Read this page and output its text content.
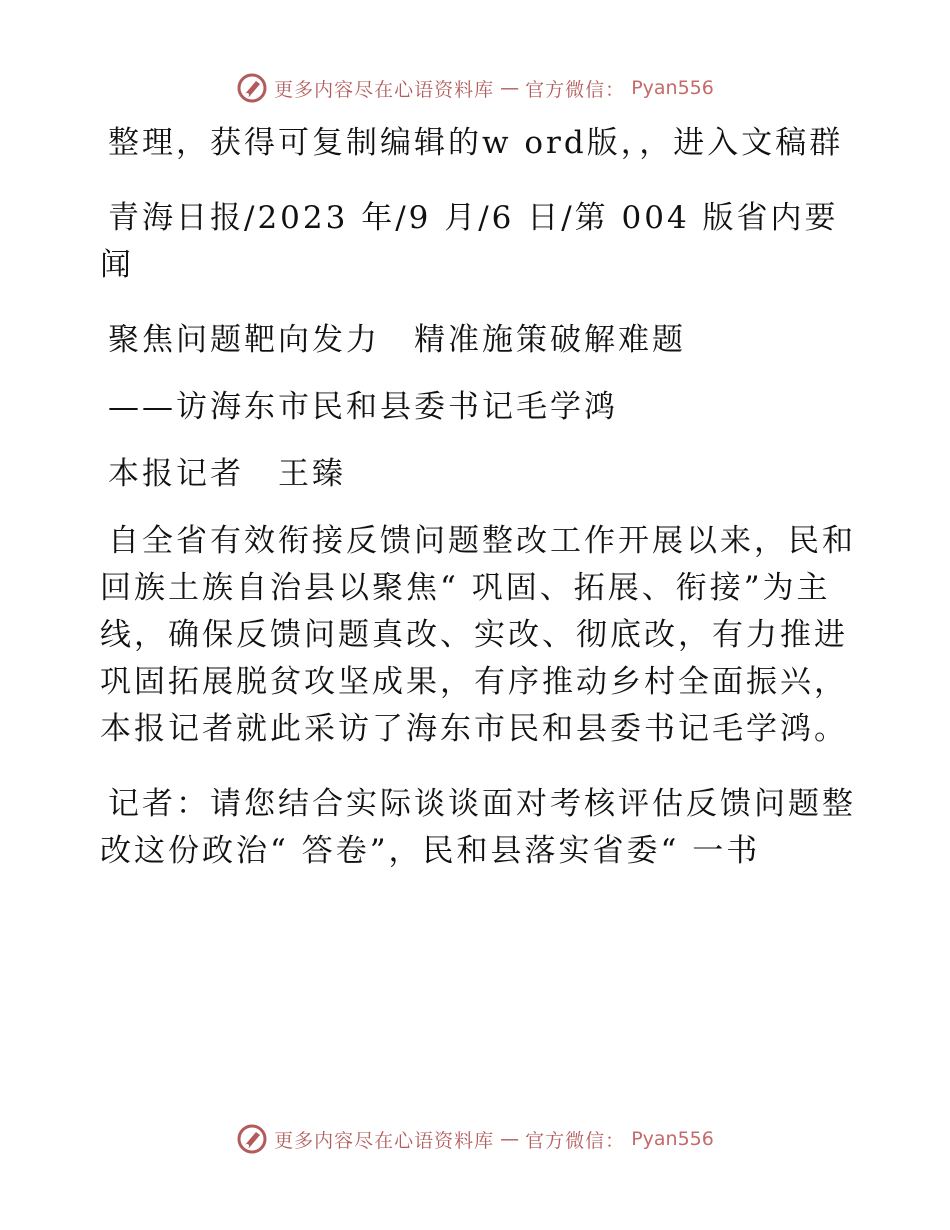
更多内容尽在心语资料库 — 官方微信： Pyan556

整理，获得可复制编辑的w ord版，，进入文稿群

青海日报/2023 年/9 月/6 日/第 004 版省内要闻

聚焦问题靶向发力　精准施策破解难题

——访海东市民和县委书记毛学鸿

本报记者　王臻

自全省有效衔接反馈问题整改工作开展以来，民和回族土族自治县以聚焦“ 巩固、拓展、衔接”为主线，确保反馈问题真改、实改、彻底改，有力推进巩固拓展脱贫攻坚成果，有序推动乡村全面振兴，本报记者就此采访了海东市民和县委书记毛学鸿。

记者：请您结合实际谈谈面对考核评估反馈问题整改这份政治“ 答卷”，民和县落实省委“ 一书

更多内容尽在心语资料库 — 官方微信： Pyan556
